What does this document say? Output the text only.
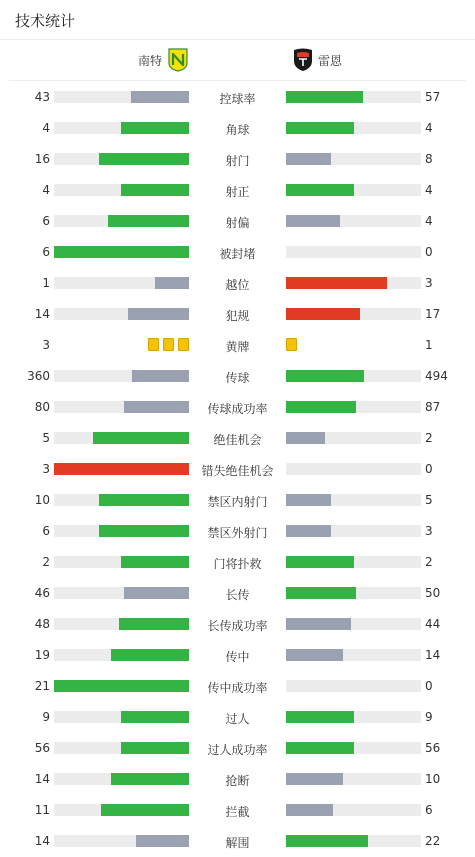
技术统计
南特	雷恩
43	控球率	57
4	角球	4
16	射门	8
4	射正	4
6	射偏	4
6	被封堵	0
1	越位	3
14	犯规	17
3	黄牌	1
360	传球	494
80	传球成功率	87
5	绝佳机会	2
3	错失绝佳机会	0
10	禁区内射门	5
6	禁区外射门	3
2	门将扑救	2
46	长传	50
48	长传成功率	44
19	传中	14
21	传中成功率	0
9	过人	9
56	过人成功率	56
14	抢断	10
11	拦截	6
14	解围	22
